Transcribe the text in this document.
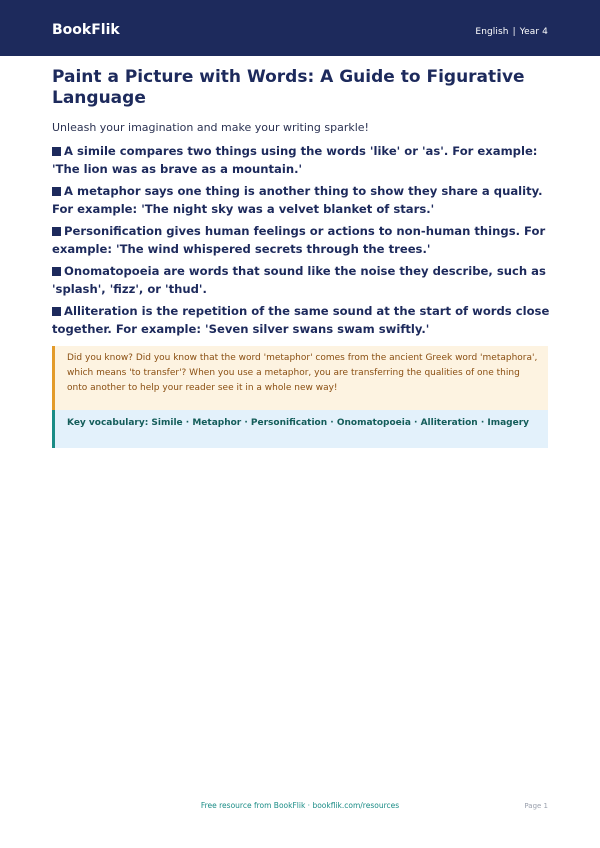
BookFlik	English | Year 4
Paint a Picture with Words: A Guide to Figurative Language

Unleash your imagination and make your writing sparkle!

A simile compares two things using the words 'like' or 'as'. For example: 'The lion was as brave as a mountain.'
A metaphor says one thing is another thing to show they share a quality. For example: 'The night sky was a velvet blanket of stars.'
Personification gives human feelings or actions to non-human things. For example: 'The wind whispered secrets through the trees.'
Onomatopoeia are words that sound like the noise they describe, such as 'splash', 'fizz', or 'thud'.
Alliteration is the repetition of the same sound at the start of words close together. For example: 'Seven silver swans swam swiftly.'
Did you know? Did you know that the word 'metaphor' comes from the ancient Greek word 'metaphora', which means 'to transfer'? When you use a metaphor, you are transferring the qualities of one thing onto another to help your reader see it in a whole new way!
Key vocabulary: Simile · Metaphor · Personification · Onomatopoeia · Alliteration · Imagery
Free resource from BookFlik · bookflik.com/resources	Page 1
